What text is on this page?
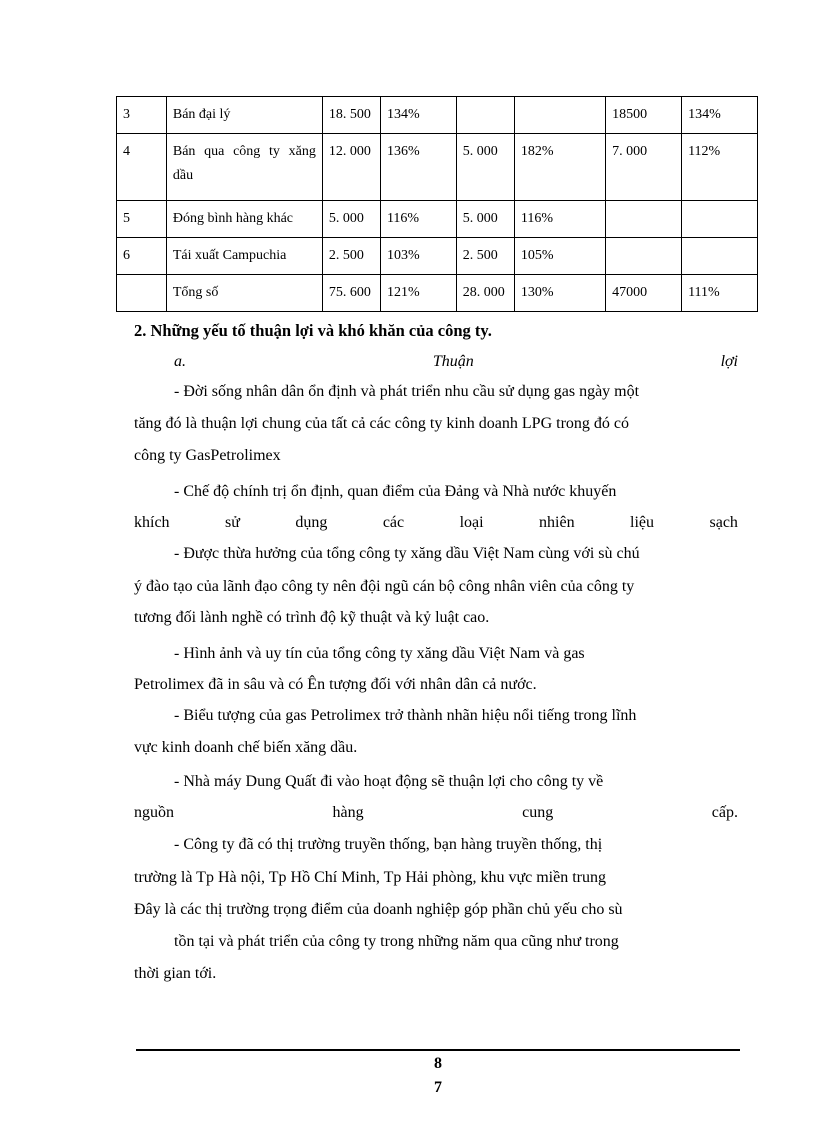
3	Bán đại lý	18. 500	134%			18500	134%
4	Bán qua công ty xăng dầu	12. 000	136%	5. 000	182%	7. 000	112%
5	Đóng bình hàng khác	5. 000	116%	5. 000	116%		
6	Tái xuất Campuchia	2. 500	103%	2. 500	105%		
	Tổng số	75. 600	121%	28. 000	130%	47000	111%
2. Những yếu tố thuận lợi và khó khăn của công ty.
a.	Thuận	lợi
- Đời sống nhân dân ổn định và phát triển nhu cầu sử dụng gas ngày một
tăng đó là thuận lợi chung của tất cả các công ty kinh doanh LPG trong đó có
công ty GasPetrolimex
- Chế độ chính trị ổn định, quan điểm của Đảng và Nhà nước khuyến
khích	sử	dụng	các	loại	nhiên	liệu	sạch
- Được thừa hưởng của tổng công ty xăng dầu Việt Nam cùng với sù chú
ý đào tạo của lãnh đạo công ty nên đội ngũ cán bộ công nhân viên của công ty
tương đối lành nghề có trình độ kỹ thuật và kỷ luật cao.
- Hình ảnh và uy tín của tổng công ty xăng dầu Việt Nam và gas
Petrolimex đã in sâu và có Ên tượng đối với nhân dân cả nước.
- Biểu tượng của gas Petrolimex trở thành nhãn hiệu nổi tiếng trong lĩnh
vực kinh doanh chế biến xăng dầu.
- Nhà máy Dung Quất đi vào hoạt động sẽ thuận lợi cho công ty về
nguồn	hàng	cung	cấp.
- Công ty đã có thị trường truyền thống, bạn hàng truyền thống, thị
trường là Tp Hà nội, Tp Hồ Chí Minh, Tp Hải phòng, khu vực miền trung
Đây là các thị trường trọng điểm của doanh nghiệp góp phần chủ yếu cho sù
tồn tại và phát triển của công ty trong những năm qua cũng như trong
thời gian tới.
8
7
